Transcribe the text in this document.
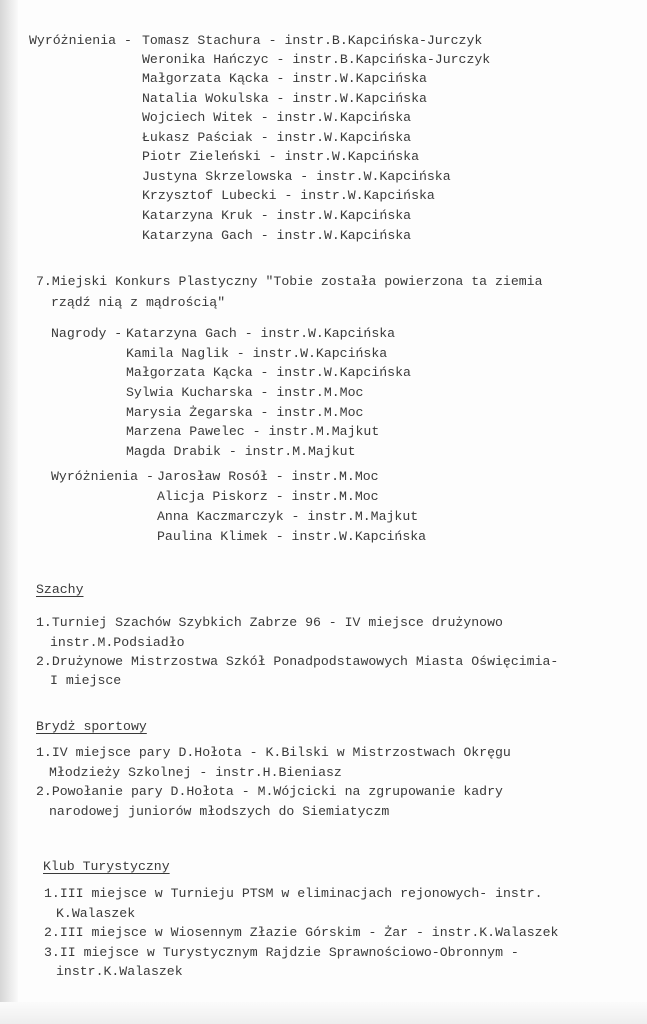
Wyróżnienia - Tomasz Stachura - instr.B.Kapcińska-Jurczyk
Weronika Hańczyc - instr.B.Kapcińska-Jurczyk
Małgorzata Kącka - instr.W.Kapcińska
Natalia Wokulska - instr.W.Kapcińska
Wojciech Witek - instr.W.Kapcińska
Łukasz Paściak - instr.W.Kapcińska
Piotr Zieleński - instr.W.Kapcińska
Justyna Skrzelowska - instr.W.Kapcińska
Krzysztof Lubecki - instr.W.Kapcińska
Katarzyna Kruk - instr.W.Kapcińska
Katarzyna Gach - instr.W.Kapcińska
7.Miejski Konkurs Plastyczny "Tobie została powierzona ta ziemia
rządź nią z mądrością"
Nagrody - Katarzyna Gach - instr.W.Kapcińska
Kamila Naglik - instr.W.Kapcińska
Małgorzata Kącka - instr.W.Kapcińska
Sylwia Kucharska - instr.M.Moc
Marysia Żegarska - instr.M.Moc
Marzena Pawelec - instr.M.Majkut
Magda Drabik - instr.M.Majkut
Wyróżnienia - Jarosław Rosół - instr.M.Moc
Alicja Piskorz - instr.M.Moc
Anna Kaczmarczyk - instr.M.Majkut
Paulina Klimek - instr.W.Kapcińska
Szachy
1.Turniej Szachów Szybkich Zabrze 96 - IV miejsce drużynowo
instr.M.Podsiadło
2.Drużynowe Mistrzostwa Szkół Ponadpodstawowych Miasta Oświęcimia-
I miejsce
Brydż sportowy
1.IV miejsce pary D.Hołota - K.Bilski w Mistrzostwach Okręgu
Młodzieży Szkolnej - instr.H.Bieniasz
2.Powołanie pary D.Hołota - M.Wójcicki na zgrupowanie kadry
narodowej juniorów młodszych do Siemiatyczm
Klub Turystyczny
1.III miejsce w Turnieju PTSM w eliminacjach rejonowych- instr.
K.Walaszek
2.III miejsce w Wiosennym Złazie Górskim - Żar - instr.K.Walaszek
3.II miejsce w Turystycznym Rajdzie Sprawnościowo-Obronnym -
instr.K.Walaszek
